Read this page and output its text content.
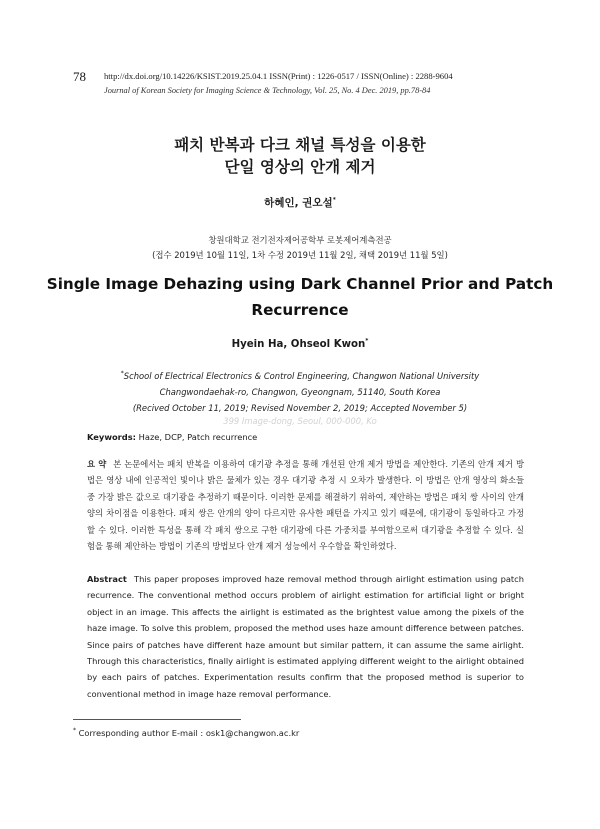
78 http://dx.doi.org/10.14226/KSIST.2019.25.04.1 ISSN(Print) : 1226-0517 / ISSN(Online) : 2288-9604
Journal of Korean Society for Imaging Science & Technology, Vol. 25, No. 4 Dec. 2019, pp.78-84
패치 반복과 다크 채널 특성을 이용한
단일 영상의 안개 제거
하혜인, 권오설*
창원대학교 전기전자제어공학부 로봇제어계측전공
(접수 2019년 10월 11일, 1차 수정 2019년 11월 2일, 채택 2019년 11월 5일)
Single Image Dehazing using Dark Channel Prior and Patch
Recurrence
Hyein Ha, Ohseol Kwon*
*School of Electrical Electronics & Control Engineering, Changwon National University
Changwondaehak-ro, Changwon, Gyeongnam, 51140, South Korea
(Recived October 11, 2019; Revised November 2, 2019; Accepted November 5)
399 Image-dong, Seoul, 000-000, Ko
Keywords: Haze, DCP, Patch recurrence
요 약 본 논문에서는 패치 반복을 이용하여 대기광 추정을 통해 개선된 안개 제거 방법을 제안한다. 기존의 안개 제거 방법은 영상 내에 인공적인 빛이나 밝은 물체가 있는 경우 대기광 추정 시 오차가 발생한다. 이 방법은 안개 영상의 화소들 중 가장 밝은 값으로 대기광을 추정하기 때문이다. 이러한 문제를 해결하기 위하여, 제안하는 방법은 패치 쌍 사이의 안개 양의 차이점을 이용한다. 패치 쌍은 안개의 양이 다르지만 유사한 패턴을 가지고 있기 때문에, 대기광이 동일하다고 가정할 수 있다. 이러한 특성을 통해 각 패치 쌍으로 구한 대기광에 다른 가중치를 부여함으로써 대기광을 추정할 수 있다. 실험을 통해 제안하는 방법이 기존의 방법보다 안개 제거 성능에서 우수함을 확인하였다.
Abstract This paper proposes improved haze removal method through airlight estimation using patch recurrence. The conventional method occurs problem of airlight estimation for artificial light or bright object in an image. This affects the airlight is estimated as the brightest value among the pixels of the haze image. To solve this problem, proposed the method uses haze amount difference between patches. Since pairs of patches have different haze amount but similar pattern, it can assume the same airlight. Through this characteristics, finally airlight is estimated applying different weight to the airlight obtained by each pairs of patches. Experimentation results confirm that the proposed method is superior to conventional method in image haze removal performance.
* Corresponding author E-mail : osk1@changwon.ac.kr
